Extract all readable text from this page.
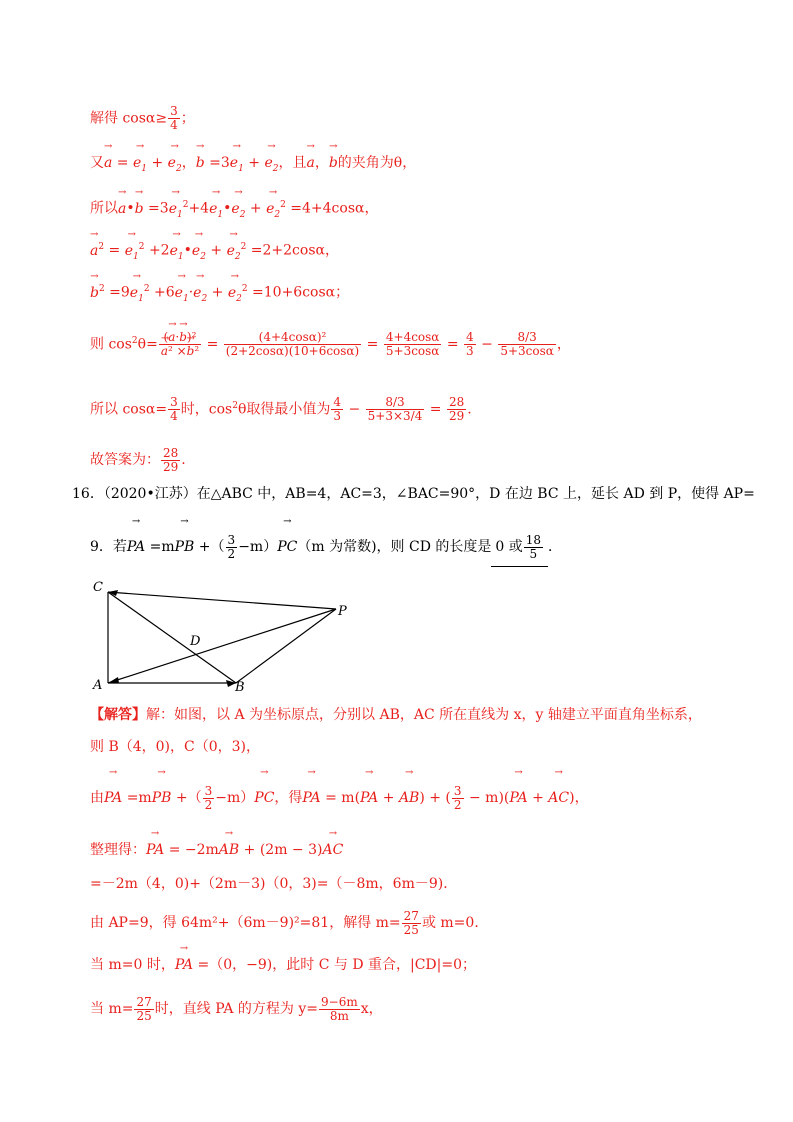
解得 $\cos\alpha\ge \frac{3}{4}$ ；
又→ a = → $e_1$ + → $e_2$，→ $b =3\to e_1$ + → $e_2$，且→ a，→ b的夹角为θ，
所以→ a•→ $b =3\to e_1^2+4\to$ $e_1•\to e_2$ + → $e_2^2 =4+4\cos\alpha$，
→ $a^2$ = → $e_1^2 +2\to$ $e_1•\to e_2$ + → $e_2^2 =2+2\cos\alpha$，
→ $b^2 =9\to e_1^2 +6\to e_1\cdot\to e_2$ + → $e_2^2 =10+6\cos\alpha$；
则 $\cos^2\theta=$ (→ a·→ b)²
→ $a^2 \times\to b^2 = \frac{\text{(4+4cosα)²}}{(2+2\cos\alpha)(10+6\cos\alpha)} = \frac{4+4\cos\alpha}{5+3\cos\alpha} = \frac{4}{3} - \frac{8/3}{5+3\cos\alpha}$ ，
所以 $\cos\alpha= \frac{3}{4}$ 时，$\cos^2\theta$取得最小值为 $\frac{4}{3} - \frac{8/3}{5+3\times 3/4} = \frac{28}{29}$ .
故答案为： $\frac{28}{29}$ .
16．（2020•江苏）在△ABC 中，AB=4，AC=3，∠BAC=90°，D 在边 BC 上，延长 AD 到 P，使得 AP=
9．若→ PA =m→ PB +（ $\frac{3}{2} -m)\to PC(m$ 为常数)，则 CD 的长度是 0 或 $\frac{18}{5}$ ．
C
A	B
D
P
【解答】解：如图，以 A 为坐标原点，分别以 AB，AC 所在直线为 x，y 轴建立平面直角坐标系，
则 B（4，0)，C（0，3)，
由→ PA =m→ PB +（ $\frac{3}{2} -m)\to$ PC，得→ PA = m(→ PA + → AB) + ( $\frac{3}{2} - m)(\to$ PA + → AC)，
整理得：→ PA = −2m→ AB + (2m − 3)→ AC
=－2m（4，0)+（2m－3)（0，3)=（－8m，6m－9)．
由 AP=9，得 64m²+（6m－9)²=81，解得 $m= \frac{27}{25}$ 或 m=0．
当 m=0 时，→ PA =（0，−9)，此时 C 与 D 重合，|CD|=0；
当 $m= \frac{27}{25}$ 时，直线 PA 的方程为 $y= \frac{9-6m}{8m}$ x，
